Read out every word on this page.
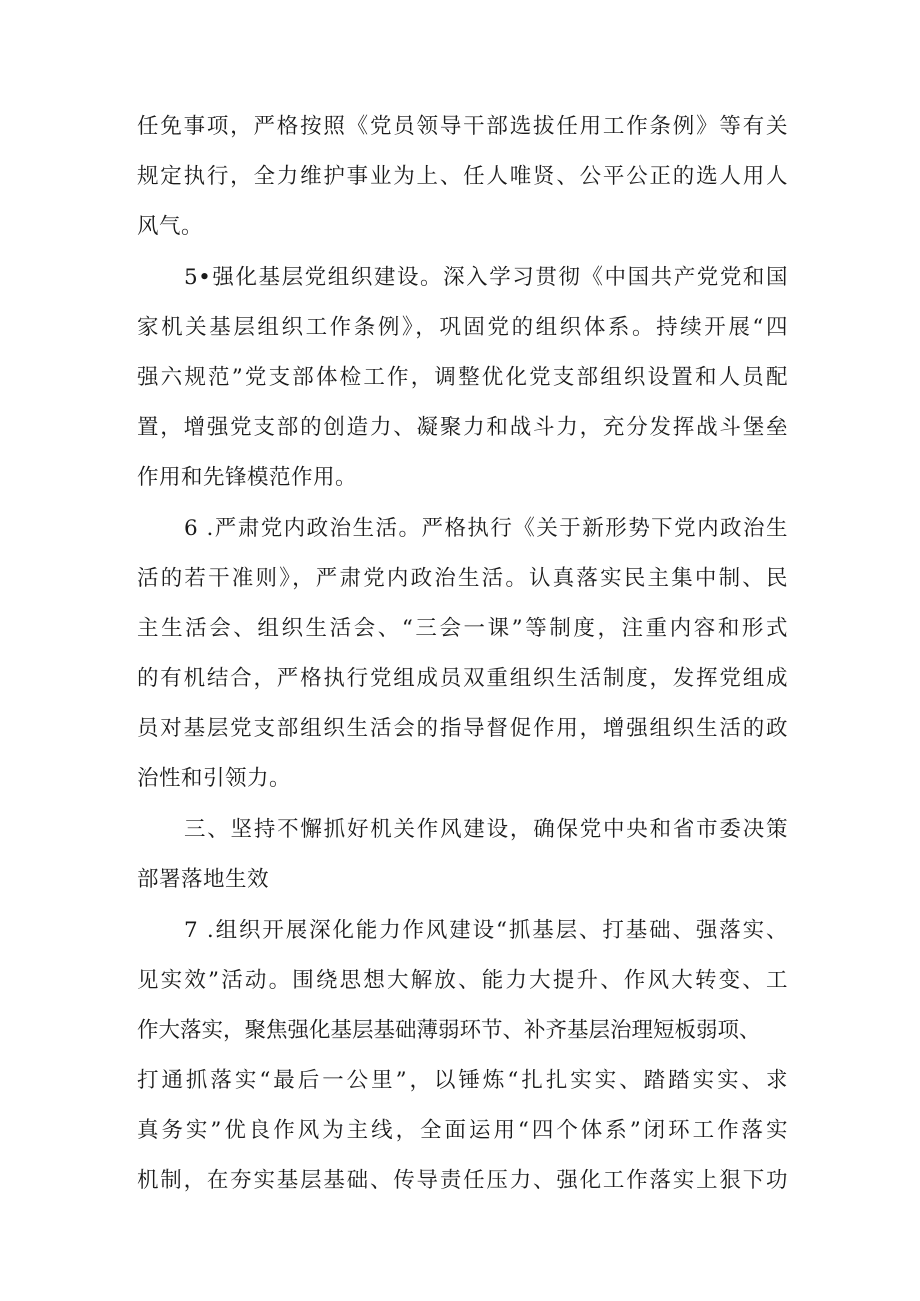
任免事项，严格按照《党员领导干部选拔任用工作条例》等有关
规定执行，全力维护事业为上、任人唯贤、公平公正的选人用人
风气。
5•强化基层党组织建设。深入学习贯彻《中国共产党党和国
家机关基层组织工作条例》，巩固党的组织体系。持续开展“四
强六规范”党支部体检工作，调整优化党支部组织设置和人员配
置，增强党支部的创造力、凝聚力和战斗力，充分发挥战斗堡垒
作用和先锋模范作用。
6 .严肃党内政治生活。严格执行《关于新形势下党内政治生
活的若干准则》，严肃党内政治生活。认真落实民主集中制、民
主生活会、组织生活会、“三会一课”等制度，注重内容和形式
的有机结合，严格执行党组成员双重组织生活制度，发挥党组成
员对基层党支部组织生活会的指导督促作用，增强组织生活的政
治性和引领力。
三、坚持不懈抓好机关作风建设，确保党中央和省市委决策
部署落地生效
7 .组织开展深化能力作风建设“抓基层、打基础、强落实、
见实效”活动。围绕思想大解放、能力大提升、作风大转变、工
作大落实，聚焦强化基层基础薄弱环节、补齐基层治理短板弱项、
打通抓落实“最后一公里”，以锤炼“扎扎实实、踏踏实实、求
真务实”优良作风为主线，全面运用“四个体系”闭环工作落实
机制，在夯实基层基础、传导责任压力、强化工作落实上狠下功
